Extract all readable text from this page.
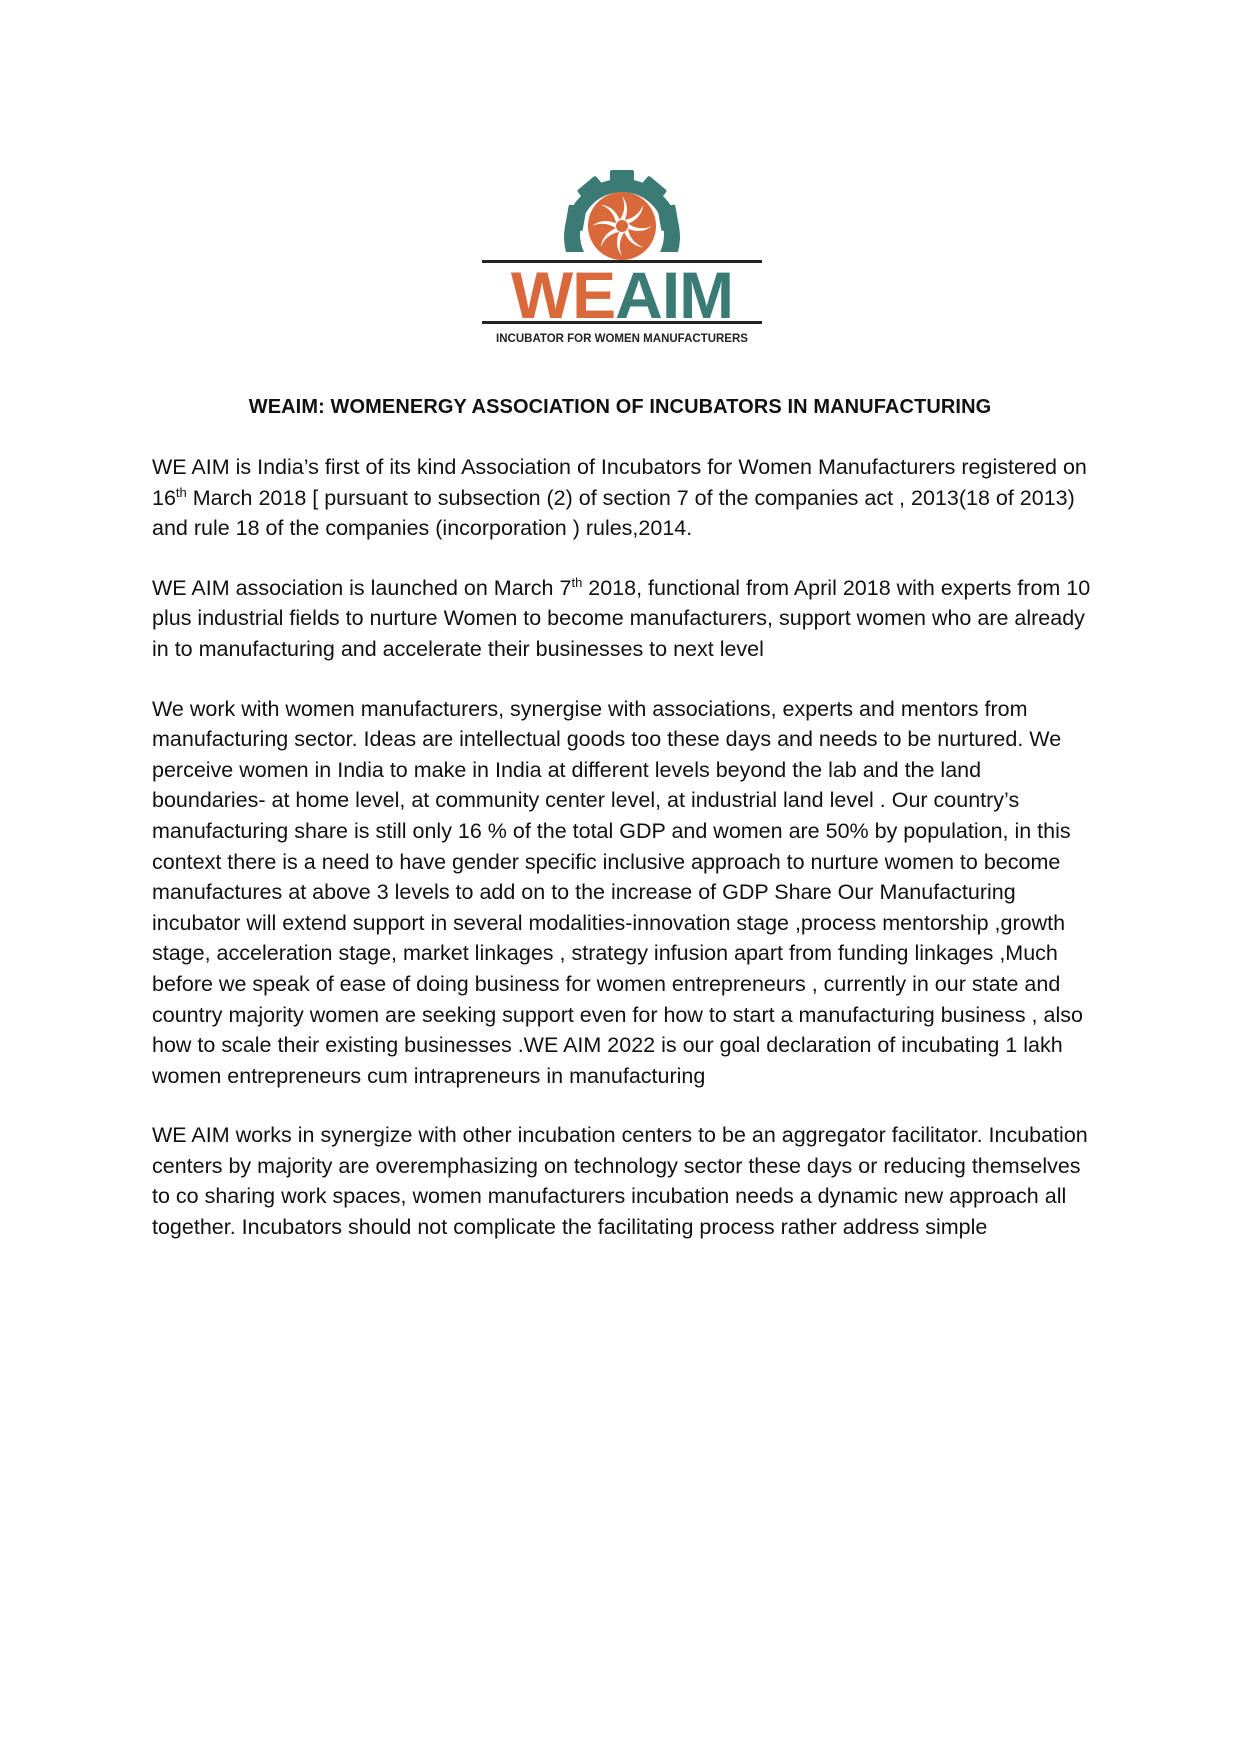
WEAIM
INCUBATOR FOR WOMEN MANUFACTURERS
WEAIM: WOMENERGY ASSOCIATION OF INCUBATORS IN MANUFACTURING

WE AIM is India’s first of its kind Association of Incubators for Women Manufacturers registered on 16th March 2018 [ pursuant to subsection (2) of section 7 of the companies act , 2013(18 of 2013) and rule 18 of the companies (incorporation ) rules,2014.

WE AIM association is launched on March 7th 2018, functional from April 2018 with experts from 10 plus industrial fields to nurture Women to become manufacturers, support women who are already in to manufacturing and accelerate their businesses to next level

We work with women manufacturers, synergise with associations, experts and mentors from manufacturing sector. Ideas are intellectual goods too these days and needs to be nurtured. We perceive women in India to make in India at different levels beyond the lab and the land boundaries- at home level, at community center level, at industrial land level . Our country’s manufacturing share is still only 16 % of the total GDP and women are 50% by population, in this context there is a need to have gender specific inclusive approach to nurture women to become manufactures at above 3 levels to add on to the increase of GDP Share Our Manufacturing incubator will extend support in several modalities-innovation stage ,process mentorship ,growth stage, acceleration stage, market linkages , strategy infusion apart from funding linkages ,Much before we speak of ease of doing business for women entrepreneurs , currently in our state and country majority women are seeking support even for how to start a manufacturing business , also how to scale their existing businesses .WE AIM 2022 is our goal declaration of incubating 1 lakh women entrepreneurs cum intrapreneurs in manufacturing

WE AIM works in synergize with other incubation centers to be an aggregator facilitator. Incubation centers by majority are overemphasizing on technology sector these days or reducing themselves to co sharing work spaces, women manufacturers incubation needs a dynamic new approach all together. Incubators should not complicate the facilitating process rather address simple
